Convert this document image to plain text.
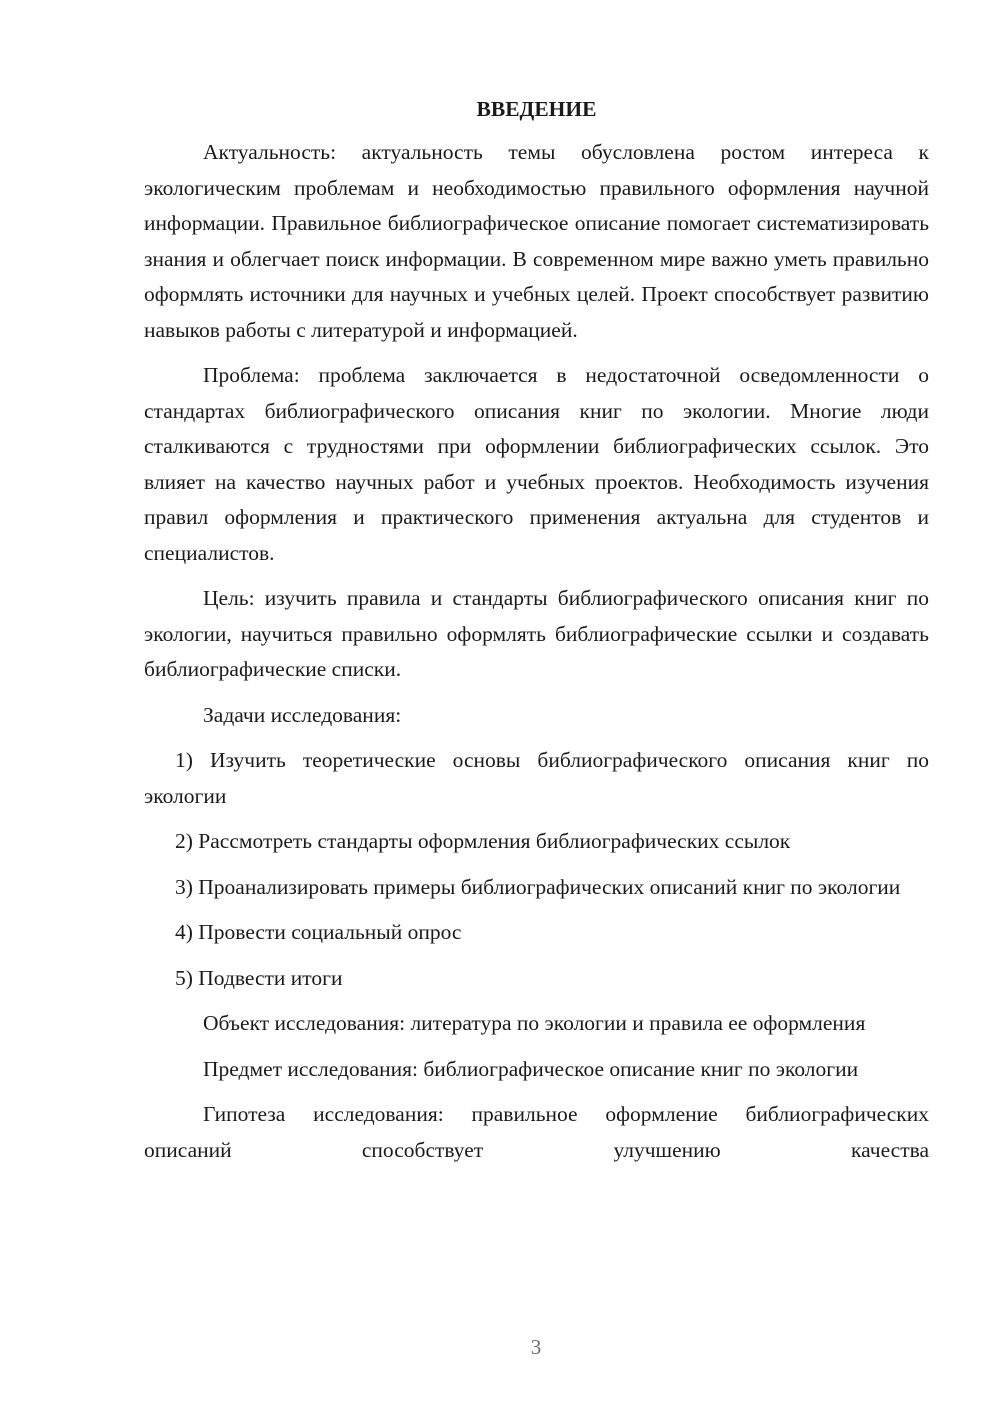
ВВЕДЕНИЕ

Актуальность: актуальность темы обусловлена ростом интереса к экологическим проблемам и необходимостью правильного оформления научной информации. Правильное библиографическое описание помогает систематизировать знания и облегчает поиск информации. В современном мире важно уметь правильно оформлять источники для научных и учебных целей. Проект способствует развитию навыков работы с литературой и информацией.

Проблема: проблема заключается в недостаточной осведомленности о стандартах библиографического описания книг по экологии. Многие люди сталкиваются с трудностями при оформлении библиографических ссылок. Это влияет на качество научных работ и учебных проектов. Необходимость изучения правил оформления и практического применения актуальна для студентов и специалистов.

Цель: изучить правила и стандарты библиографического описания книг по экологии, научиться правильно оформлять библиографические ссылки и создавать библиографические списки.

Задачи исследования:

1) Изучить теоретические основы библиографического описания книг по экологии

2) Рассмотреть стандарты оформления библиографических ссылок

3) Проанализировать примеры библиографических описаний книг по экологии

4) Провести социальный опрос

5) Подвести итоги

Объект исследования: литература по экологии и правила ее оформления

Предмет исследования: библиографическое описание книг по экологии

Гипотеза исследования: правильное оформление библиографических описаний способствует улучшению качества

3
